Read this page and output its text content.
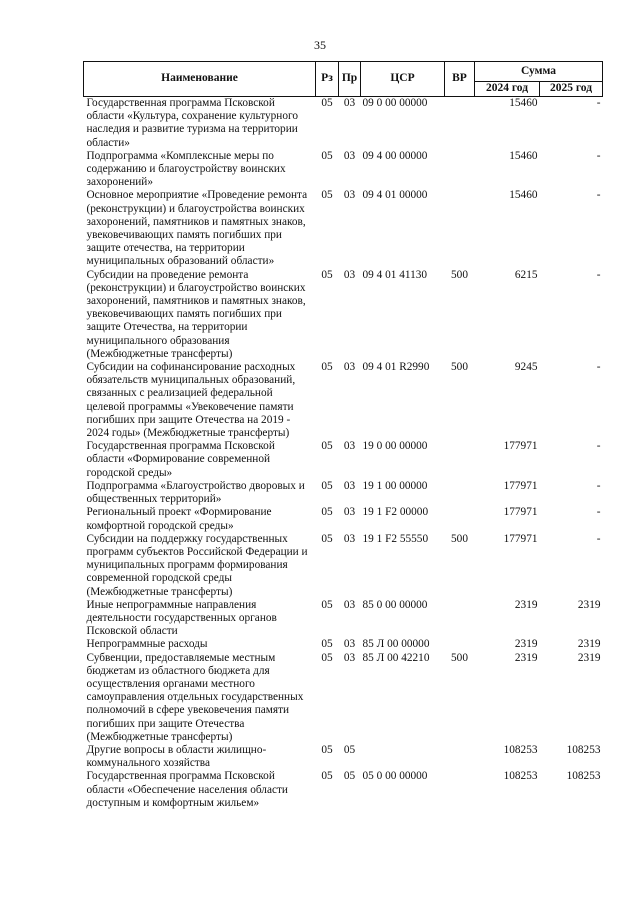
35
Наименование	Рз	Пр	ЦСР	ВР	Сумма	
					2024 год	2025 год
Государственная программа Псковской области «Культура, сохранение культурного наследия и развитие туризма на территории области»	05	03	09 0 00 00000		15460	-
Подпрограмма «Комплексные меры по содержанию и благоустройству воинских захоронений»	05	03	09 4 00 00000		15460	-
Основное мероприятие «Проведение ремонта (реконструкции) и благоустройства воинских захоронений, памятников и памятных знаков, увековечивающих память погибших при защите отечества, на территории муниципальных образований области»	05	03	09 4 01 00000		15460	-
Субсидии на проведение ремонта (реконструкции) и благоустройство воинских захоронений, памятников и памятных знаков, увековечивающих память погибших при защите Отечества, на территории муниципального образования (Межбюджетные трансферты)	05	03	09 4 01 41130	500	6215	-
Субсидии на софинансирование расходных обязательств муниципальных образований, связанных с реализацией федеральной целевой программы «Увековечение памяти погибших при защите Отечества на 2019 - 2024 годы» (Межбюджетные трансферты)	05	03	09 4 01 R2990	500	9245	-
Государственная программа Псковской области «Формирование современной городской среды»	05	03	19 0 00 00000		177971	-
Подпрограмма «Благоустройство дворовых и общественных территорий»	05	03	19 1 00 00000		177971	-
Региональный проект «Формирование комфортной городской среды»	05	03	19 1 F2 00000		177971	-
Субсидии на поддержку государственных программ субъектов Российской Федерации и муниципальных программ формирования современной городской среды (Межбюджетные трансферты)	05	03	19 1 F2 55550	500	177971	-
Иные непрограммные направления деятельности государственных органов Псковской области	05	03	85 0 00 00000		2319	2319
Непрограммные расходы	05	03	85 Л 00 00000		2319	2319
Субвенции, предоставляемые местным бюджетам из областного бюджета для осуществления органами местного самоуправления отдельных государственных полномочий в сфере увековечения памяти погибших при защите Отечества (Межбюджетные трансферты)	05	03	85 Л 00 42210	500	2319	2319
Другие вопросы в области жилищно-коммунального хозяйства	05	05			108253	108253
Государственная программа Псковской области «Обеспечение населения области доступным и комфортным жильем»	05	05	05 0 00 00000		108253	108253
